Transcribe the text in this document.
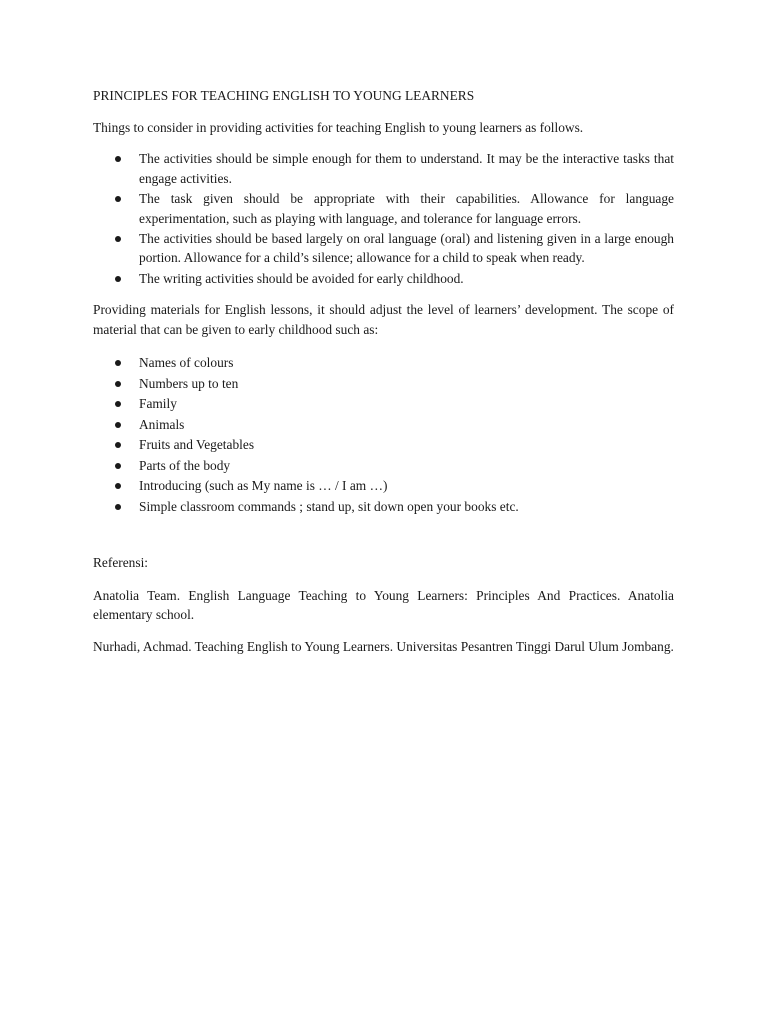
PRINCIPLES FOR TEACHING ENGLISH TO YOUNG LEARNERS

Things to consider in providing activities for teaching English to young learners as follows.

The activities should be simple enough for them to understand. It may be the interactive tasks that engage activities.
The task given should be appropriate with their capabilities. Allowance for language experimentation, such as playing with language, and tolerance for language errors.
The activities should be based largely on oral language (oral) and listening given in a large enough portion. Allowance for a child’s silence; allowance for a child to speak when ready.
The writing activities should be avoided for early childhood.

Providing materials for English lessons, it should adjust the level of learners’ development. The scope of material that can be given to early childhood such as:

Names of colours
Numbers up to ten
Family
Animals
Fruits and Vegetables
Parts of the body
Introducing (such as My name is … / I am …)
Simple classroom commands ; stand up, sit down open your books etc.

Referensi:

Anatolia Team. English Language Teaching to Young Learners: Principles And Practices. Anatolia elementary school.

Nurhadi, Achmad. Teaching English to Young Learners. Universitas Pesantren Tinggi Darul Ulum Jombang.
